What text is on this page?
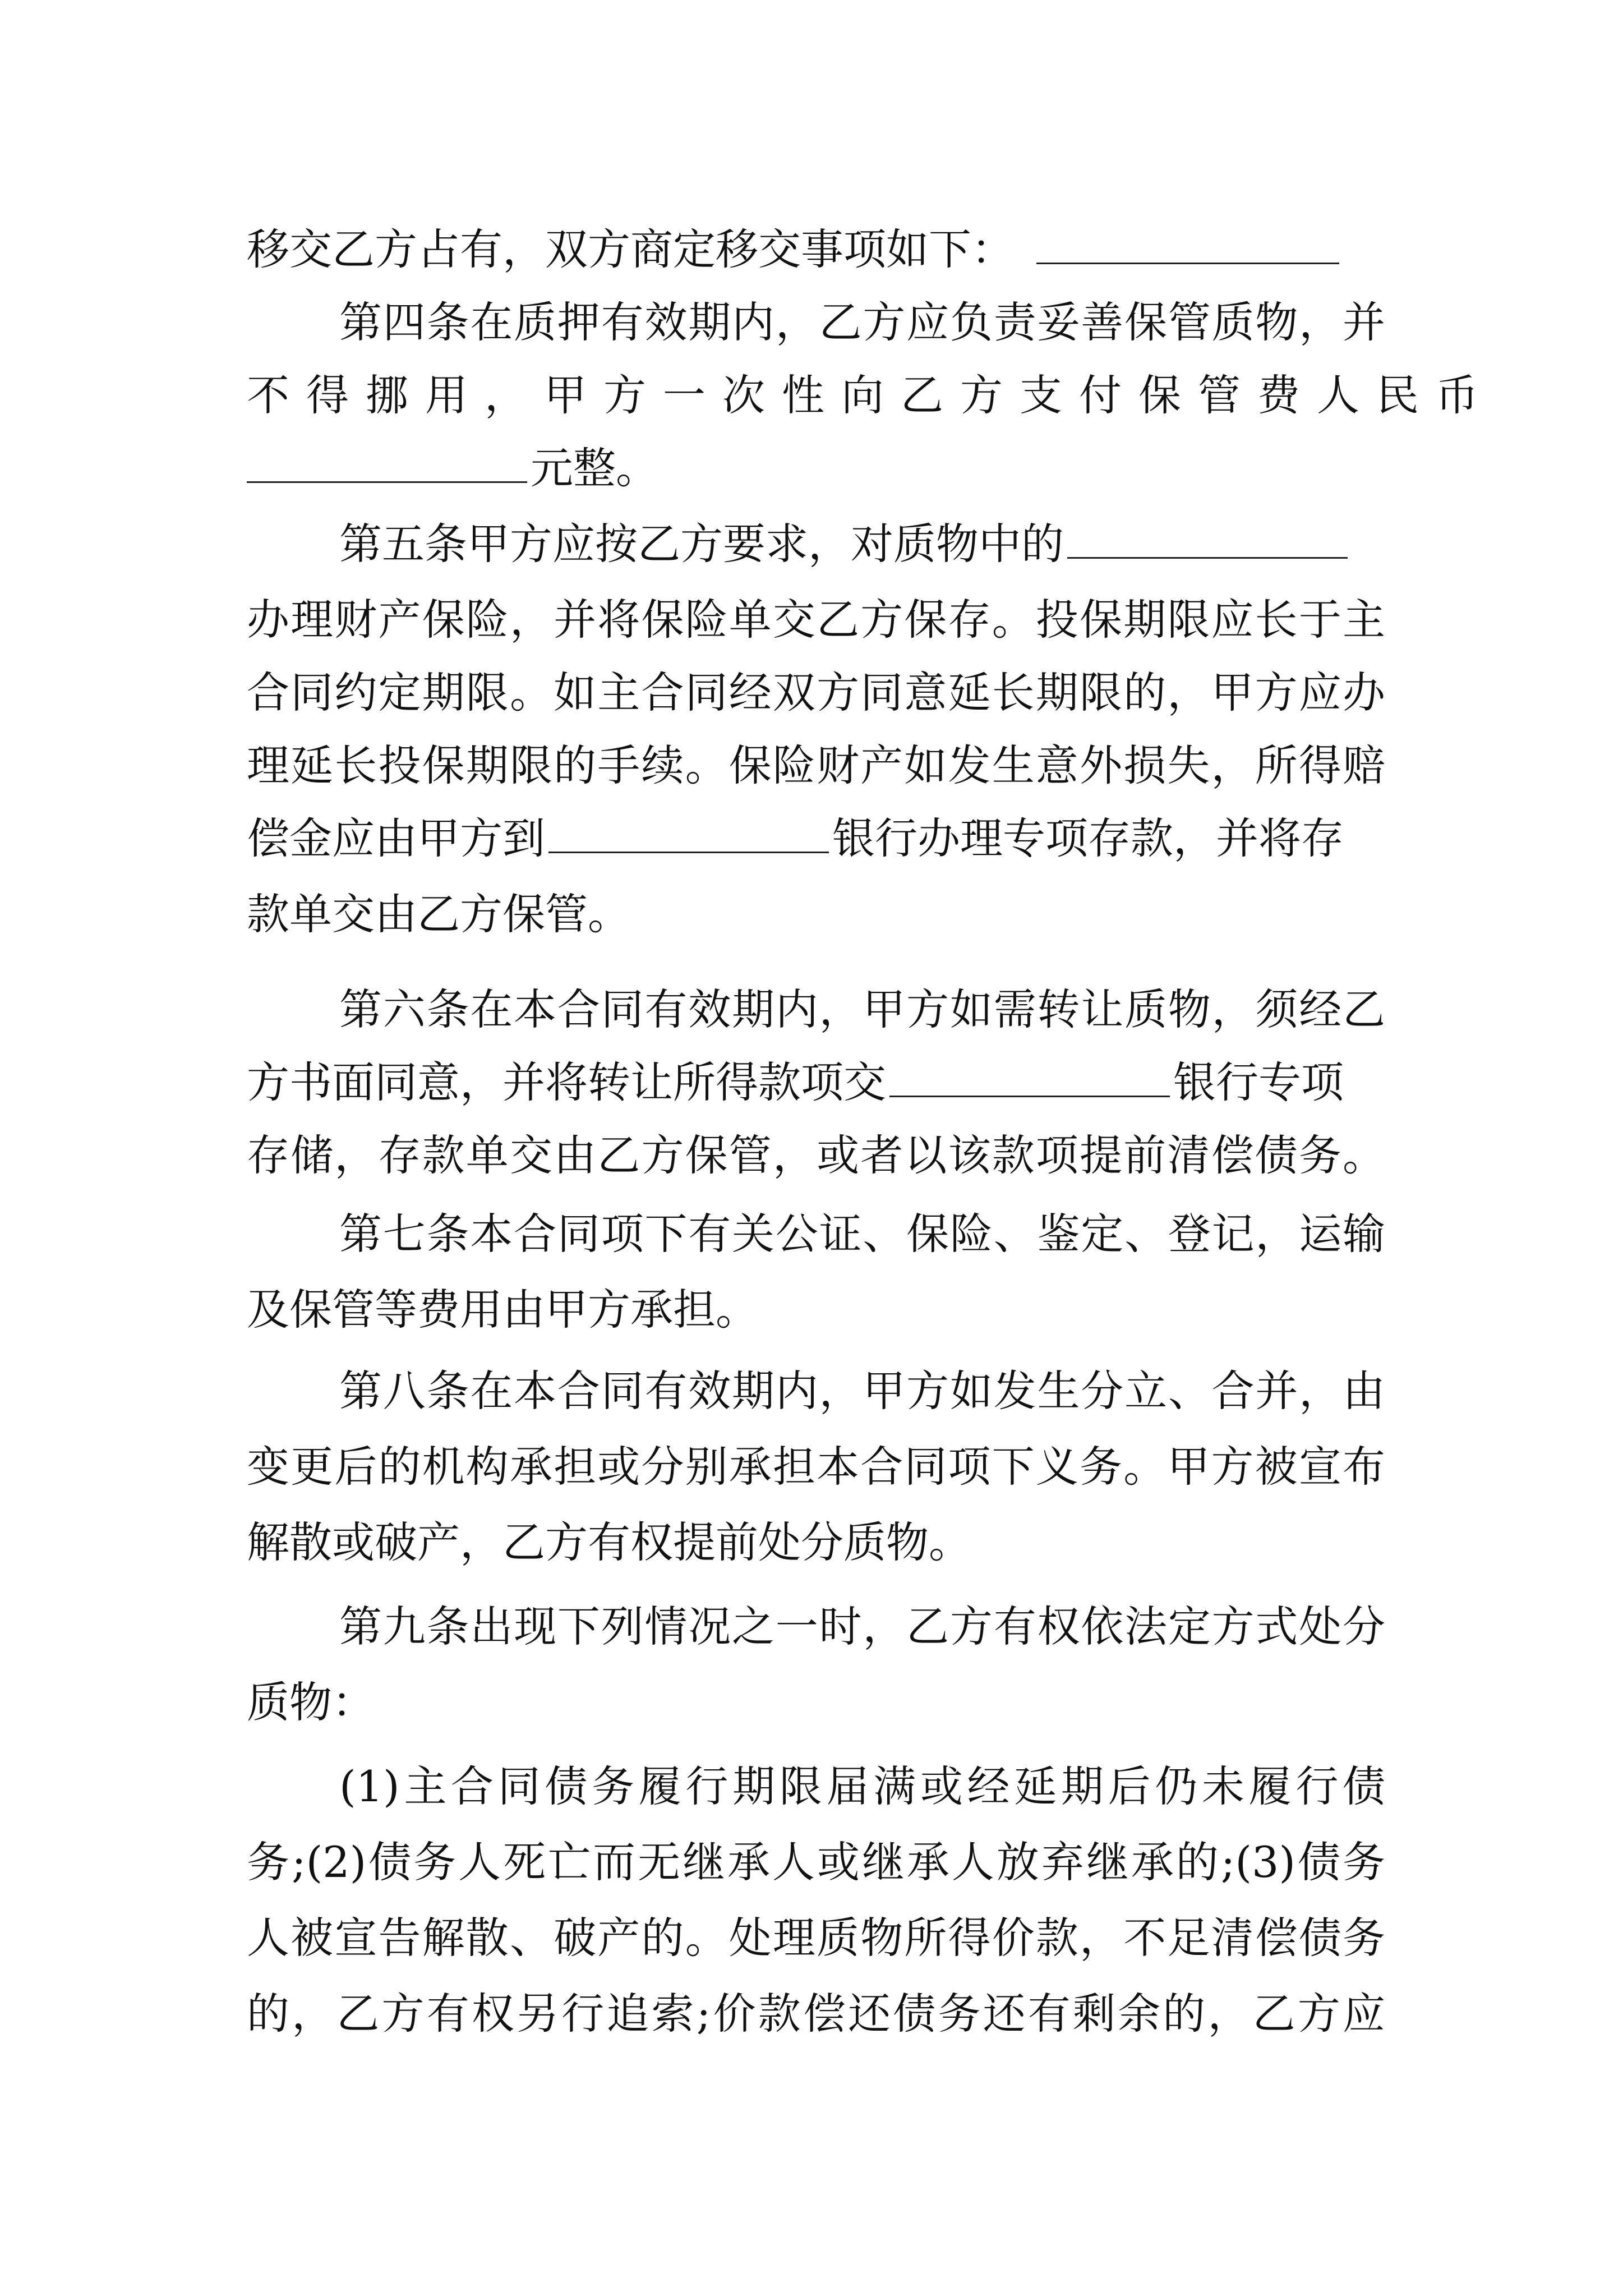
移交乙方占有，双方商定移交事项如下：
第四条在质押有效期内，乙方应负责妥善保管质物，并
不得挪用，甲方一次性向乙方支付保管费人民币
元整。
第五条甲方应按乙方要求，对质物中的
办理财产保险，并将保险单交乙方保存。投保期限应长于主
合同约定期限。如主合同经双方同意延长期限的，甲方应办
理延长投保期限的手续。保险财产如发生意外损失，所得赔
偿金应由甲方到	银行办理专项存款，并将存
款单交由乙方保管。
第六条在本合同有效期内，甲方如需转让质物，须经乙
方书面同意，并将转让所得款项交	银行专项
存储，存款单交由乙方保管，或者以该款项提前清偿债务。
第七条本合同项下有关公证、保险、鉴定、登记，运输
及保管等费用由甲方承担。
第八条在本合同有效期内，甲方如发生分立、合并，由
变更后的机构承担或分别承担本合同项下义务。甲方被宣布
解散或破产，乙方有权提前处分质物。
第九条出现下列情况之一时，乙方有权依法定方式处分
质物：
(1)主合同债务履行期限届满或经延期后仍未履行债
务;(2)债务人死亡而无继承人或继承人放弃继承的;(3)债务
人被宣告解散、破产的。处理质物所得价款，不足清偿债务
的，乙方有权另行追索;价款偿还债务还有剩余的，乙方应
